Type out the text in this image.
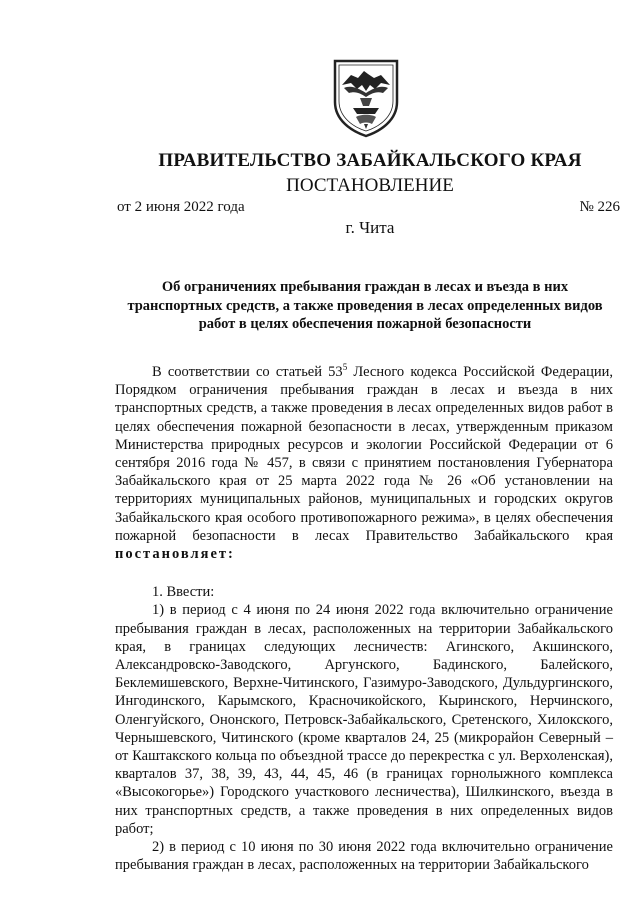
ПРАВИТЕЛЬСТВО ЗАБАЙКАЛЬСКОГО КРАЯ
ПОСТАНОВЛЕНИЕ
от 2 июня 2022 года	№ 226
г. Чита
Об ограничениях пребывания граждан в лесах и въезда в них транспортных средств, а также проведения в лесах определенных видов работ в целях обеспечения пожарной безопасности

В соответствии со статьей $53^5$ Лесного кодекса Российской Федерации, Порядком ограничения пребывания граждан в лесах и въезда в них транспортных средств, а также проведения в лесах определенных видов работ в целях обеспечения пожарной безопасности в лесах, утвержденным приказом Министерства природных ресурсов и экологии Российской Федерации от 6 сентября 2016 года № 457, в связи с принятием постановления Губернатора Забайкальского края от 25 марта 2022 года № 26 «Об установлении на территориях муниципальных районов, муниципальных и городских округов Забайкальского края особого противопожарного режима», в целях обеспечения пожарной безопасности в лесах Правительство Забайкальского края постановляет:

1. Ввести:

1) в период с 4 июня по 24 июня 2022 года включительно ограничение пребывания граждан в лесах, расположенных на территории Забайкальского края, в границах следующих лесничеств: Агинского, Акшинского, Александровско-Заводского, Аргунского, Бадинского, Балейского, Беклемишевского, Верхне-Читинского, Газимуро-Заводского, Дульдургинского, Ингодинского, Карымского, Красночикойского, Кыринского, Нерчинского, Оленгуйского, Ононского, Петровск-Забайкальского, Сретенского, Хилокского, Чернышевского, Читинского (кроме кварталов 24, 25 (микрорайон Северный – от Каштакского кольца по объездной трассе до перекрестка с ул. Верхоленская), кварталов 37, 38, 39, 43, 44, 45, 46 (в границах горнолыжного комплекса «Высокогорье») Городского участкового лесничества), Шилкинского, въезда в них транспортных средств, а также проведения в них определенных видов работ;

2) в период с 10 июня по 30 июня 2022 года включительно ограничение пребывания граждан в лесах, расположенных на территории Забайкальского
